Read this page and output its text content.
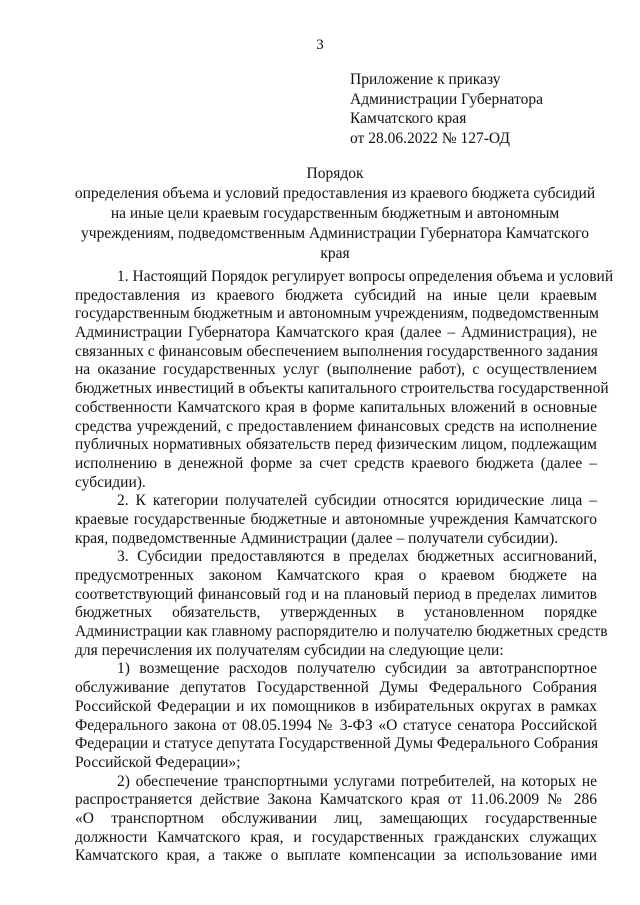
3
Приложение к приказу
Администрации Губернатора
Камчатского края
от 28.06.2022 № 127-ОД
Порядок
определения объема и условий предоставления из краевого бюджета субсидий
на иные цели краевым государственным бюджетным и автономным
учреждениям, подведомственным Администрации Губернатора Камчатского
края
1. Настоящий Порядок регулирует вопросы определения объема и условий
предоставления из краевого бюджета субсидий на иные цели краевым
государственным бюджетным и автономным учреждениям, подведомственным
Администрации Губернатора Камчатского края (далее – Администрация), не
связанных с финансовым обеспечением выполнения государственного задания
на оказание государственных услуг (выполнение работ), с осуществлением
бюджетных инвестиций в объекты капитального строительства государственной
собственности Камчатского края в форме капитальных вложений в основные
средства учреждений, с предоставлением финансовых средств на исполнение
публичных нормативных обязательств перед физическим лицом, подлежащим
исполнению в денежной форме за счет средств краевого бюджета (далее –
субсидии).
2. К категории получателей субсидии относятся юридические лица –
краевые государственные бюджетные и автономные учреждения Камчатского
края, подведомственные Администрации (далее – получатели субсидии).
3. Субсидии предоставляются в пределах бюджетных ассигнований,
предусмотренных законом Камчатского края о краевом бюджете на
соответствующий финансовый год и на плановый период в пределах лимитов
бюджетных обязательств, утвержденных в установленном порядке
Администрации как главному распорядителю и получателю бюджетных средств
для перечисления их получателям субсидии на следующие цели:
1) возмещение расходов получателю субсидии за автотранспортное
обслуживание депутатов Государственной Думы Федерального Собрания
Российской Федерации и их помощников в избирательных округах в рамках
Федерального закона от 08.05.1994 № 3-ФЗ «О статусе сенатора Российской
Федерации и статусе депутата Государственной Думы Федерального Собрания
Российской Федерации»;
2) обеспечение транспортными услугами потребителей, на которых не
распространяется действие Закона Камчатского края от 11.06.2009 № 286
«О транспортном обслуживании лиц, замещающих государственные
должности Камчатского края, и государственных гражданских служащих
Камчатского края, а также о выплате компенсации за использование ими
